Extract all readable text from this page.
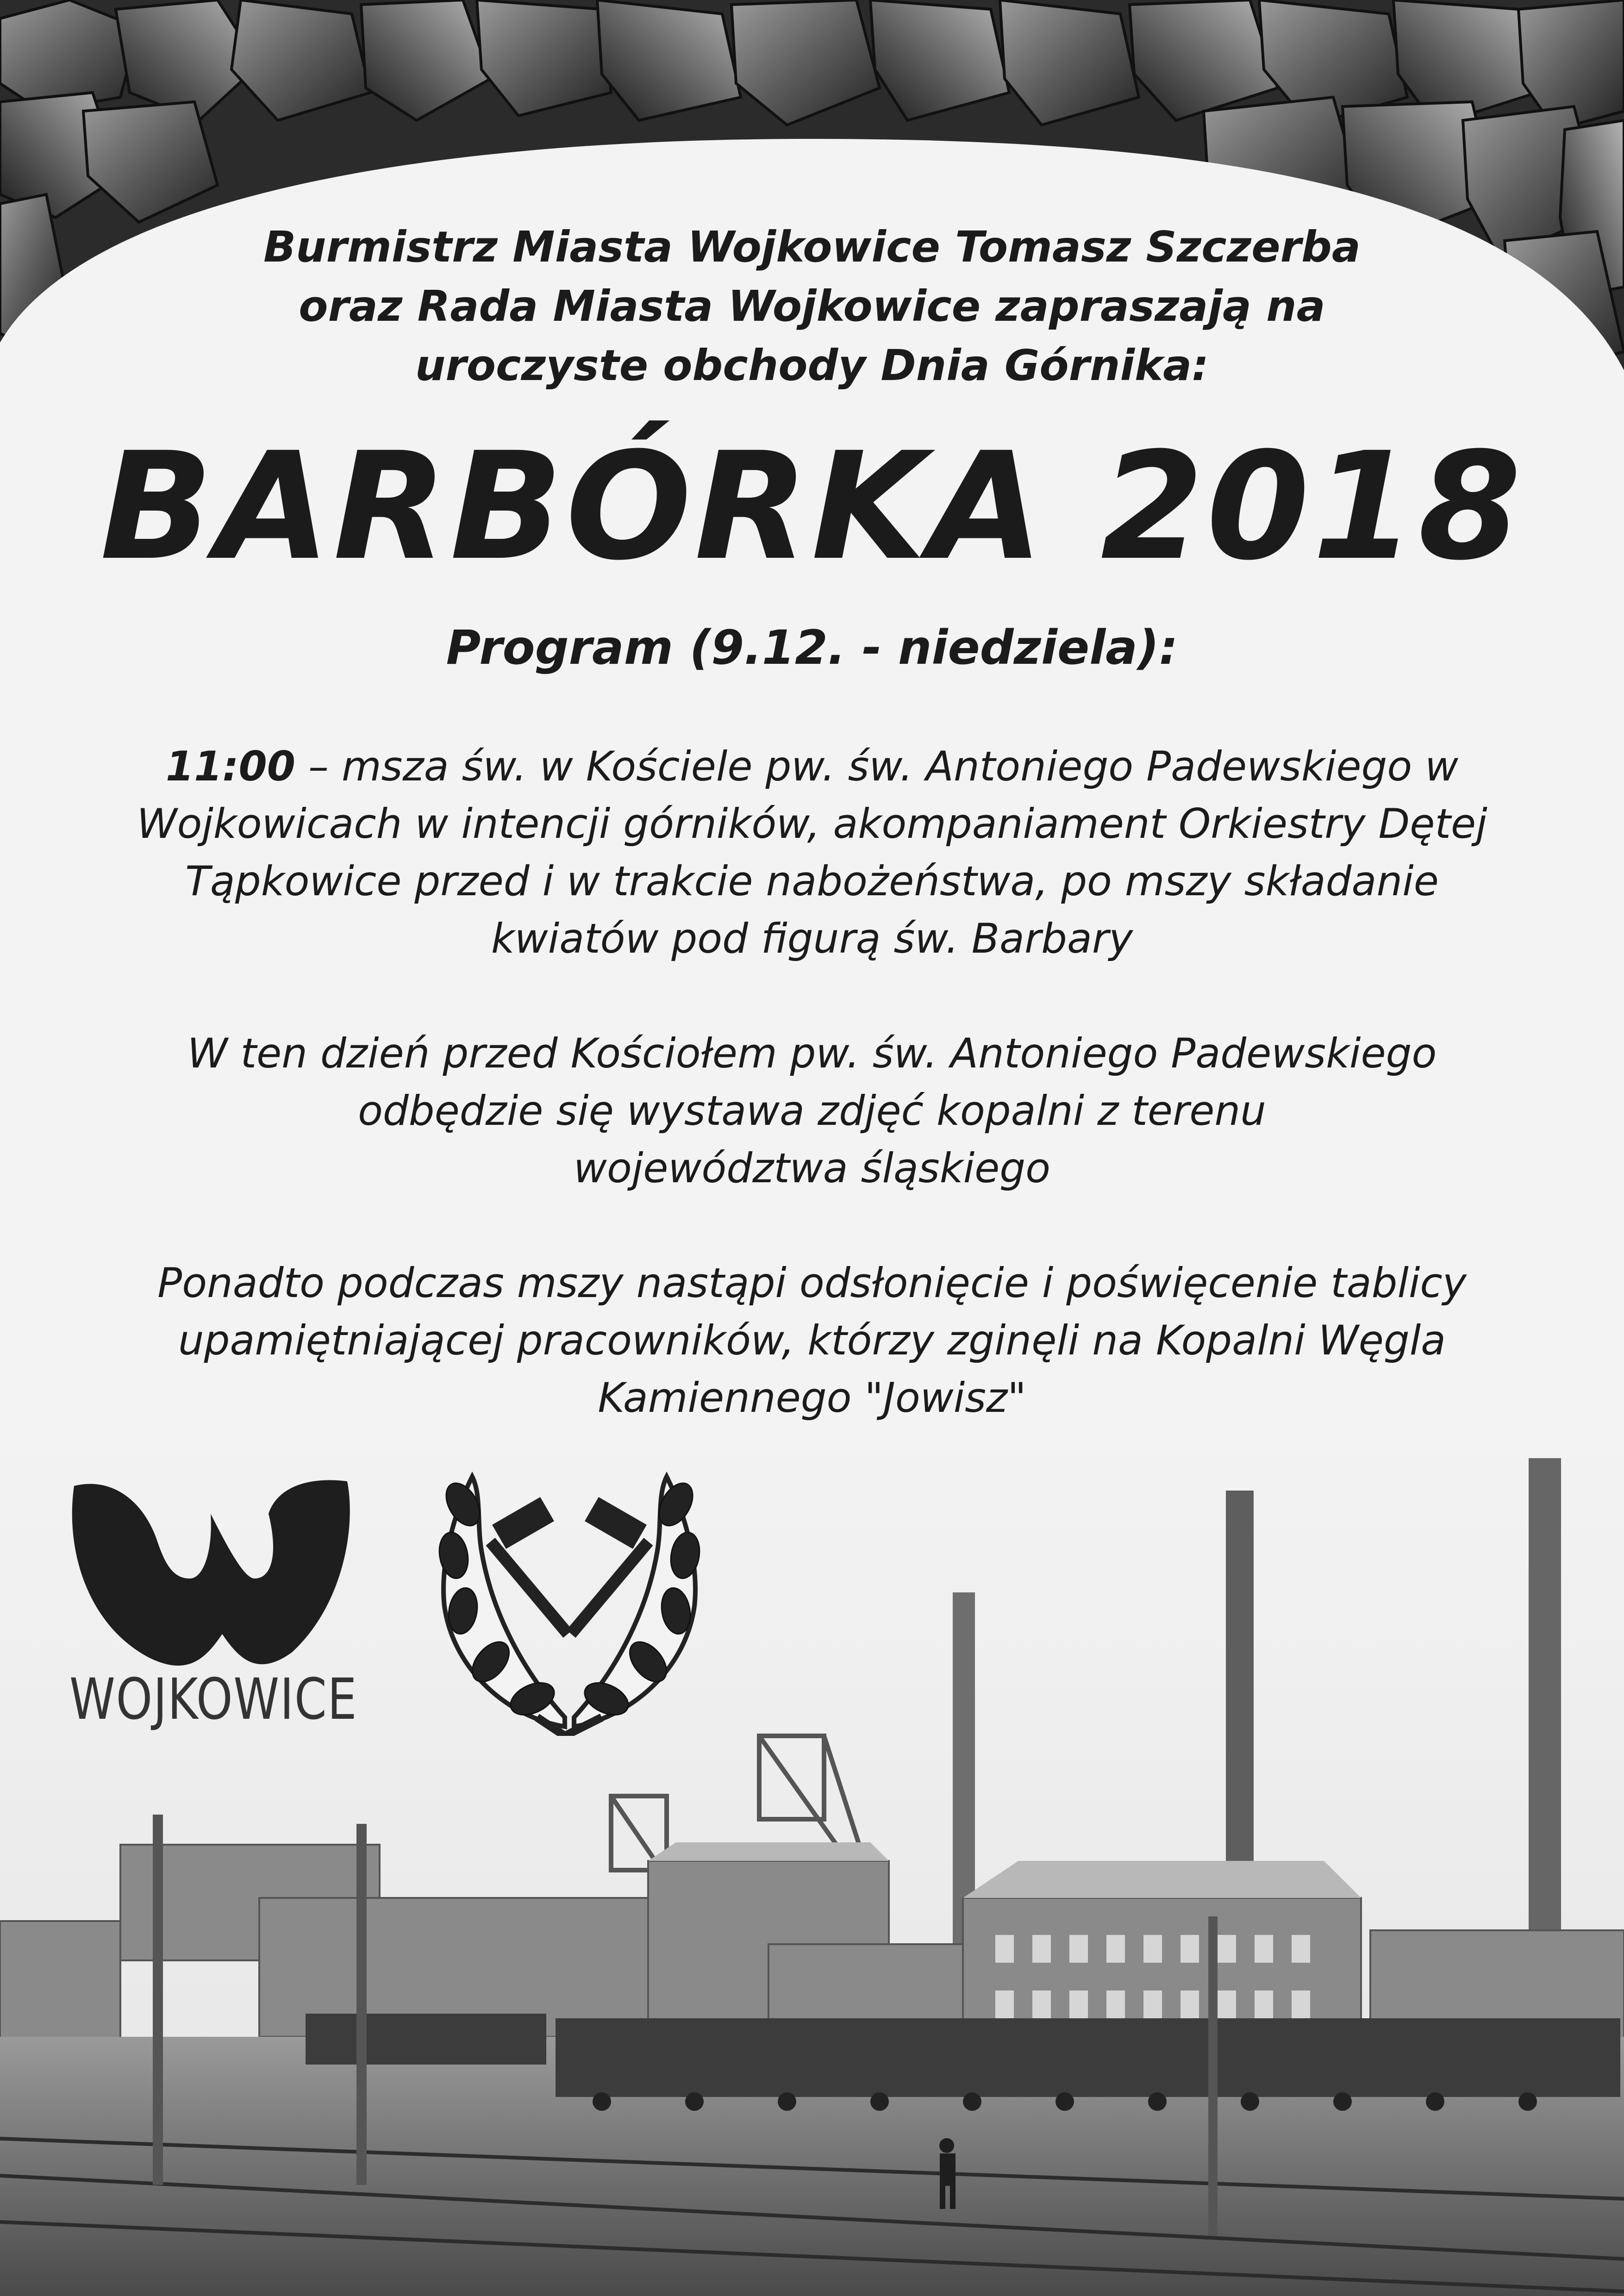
Burmistrz Miasta Wojkowice Tomasz Szczerba
oraz Rada Miasta Wojkowice zapraszają na
uroczyste obchody Dnia Górnika:
BARBÓRKA 2018
Program (9.12. - niedziela):
11:00 – msza św. w Kościele pw. św. Antoniego Padewskiego w
Wojkowicach w intencji górników, akompaniament Orkiestry Dętej
Tąpkowice przed i w trakcie nabożeństwa, po mszy składanie
kwiatów pod figurą św. Barbary
W ten dzień przed Kościołem pw. św. Antoniego Padewskiego
odbędzie się wystawa zdjęć kopalni z terenu
województwa śląskiego
Ponadto podczas mszy nastąpi odsłonięcie i poświęcenie tablicy
upamiętniającej pracowników, którzy zginęli na Kopalni Węgla
Kamiennego "Jowisz"
WOJKOWICE
